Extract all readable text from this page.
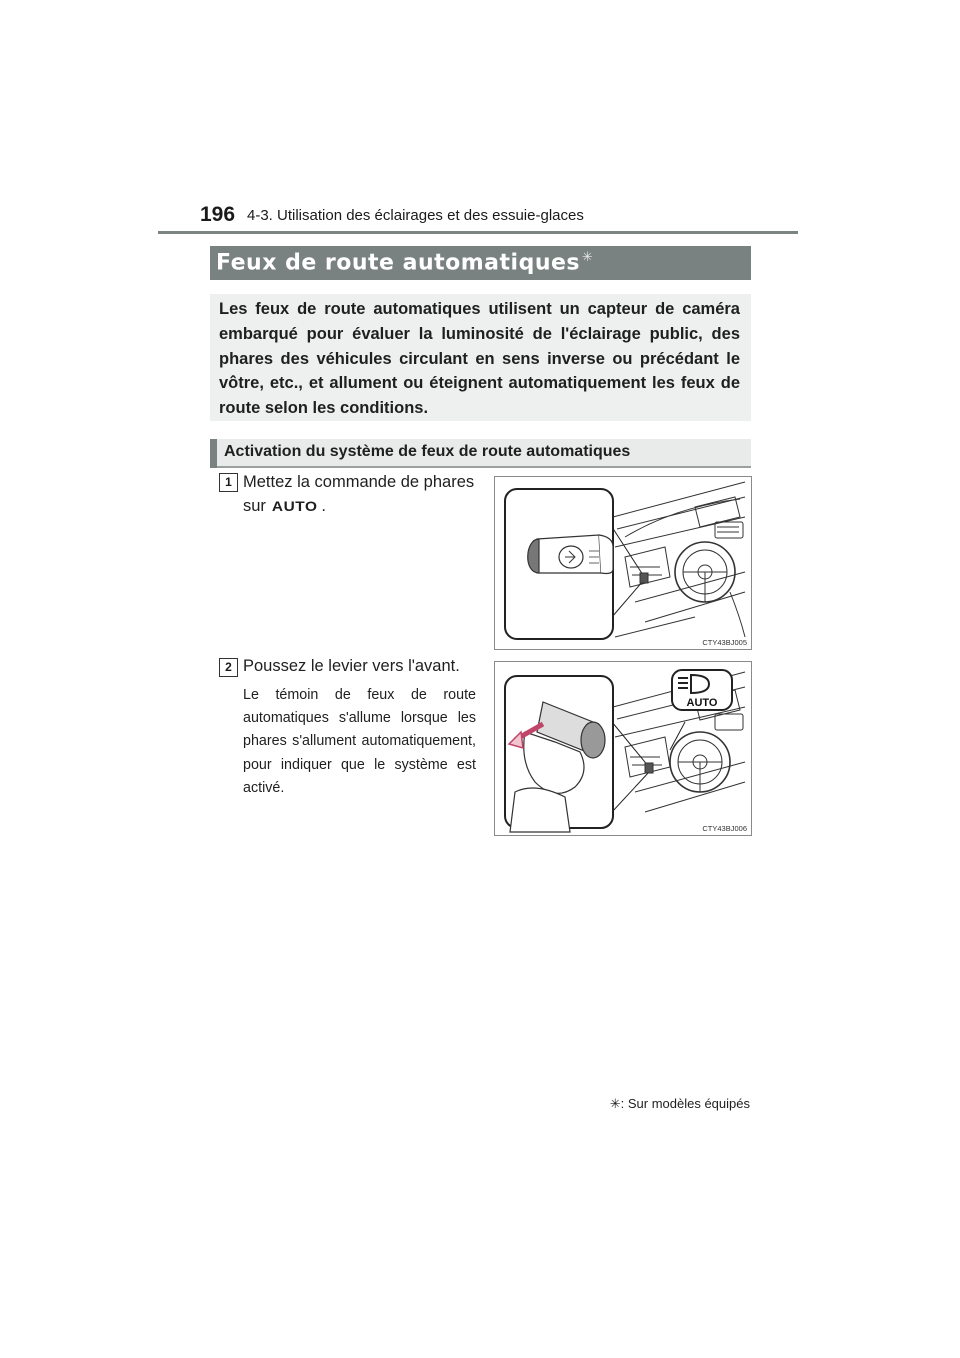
196 4-3. Utilisation des éclairages et des essuie-glaces
Feux de route automatiques ✳
Les feux de route automatiques utilisent un capteur de caméra embarqué pour évaluer la luminosité de l'éclairage public, des phares des véhicules circulant en sens inverse ou précédant le vôtre, etc., et allument ou éteignent automatiquement les feux de route selon les conditions.
Activation du système de feux de route automatiques
1 Mettez la commande de phares
sur AUTO .
2 Poussez le levier vers l'avant.
Le témoin de feux de route automatiques s'allume lorsque les phares s'allument automatiquement, pour indiquer que le système est activé.
CTY43BJ005
AUTO
CTY43BJ006
✳: Sur modèles équipés
